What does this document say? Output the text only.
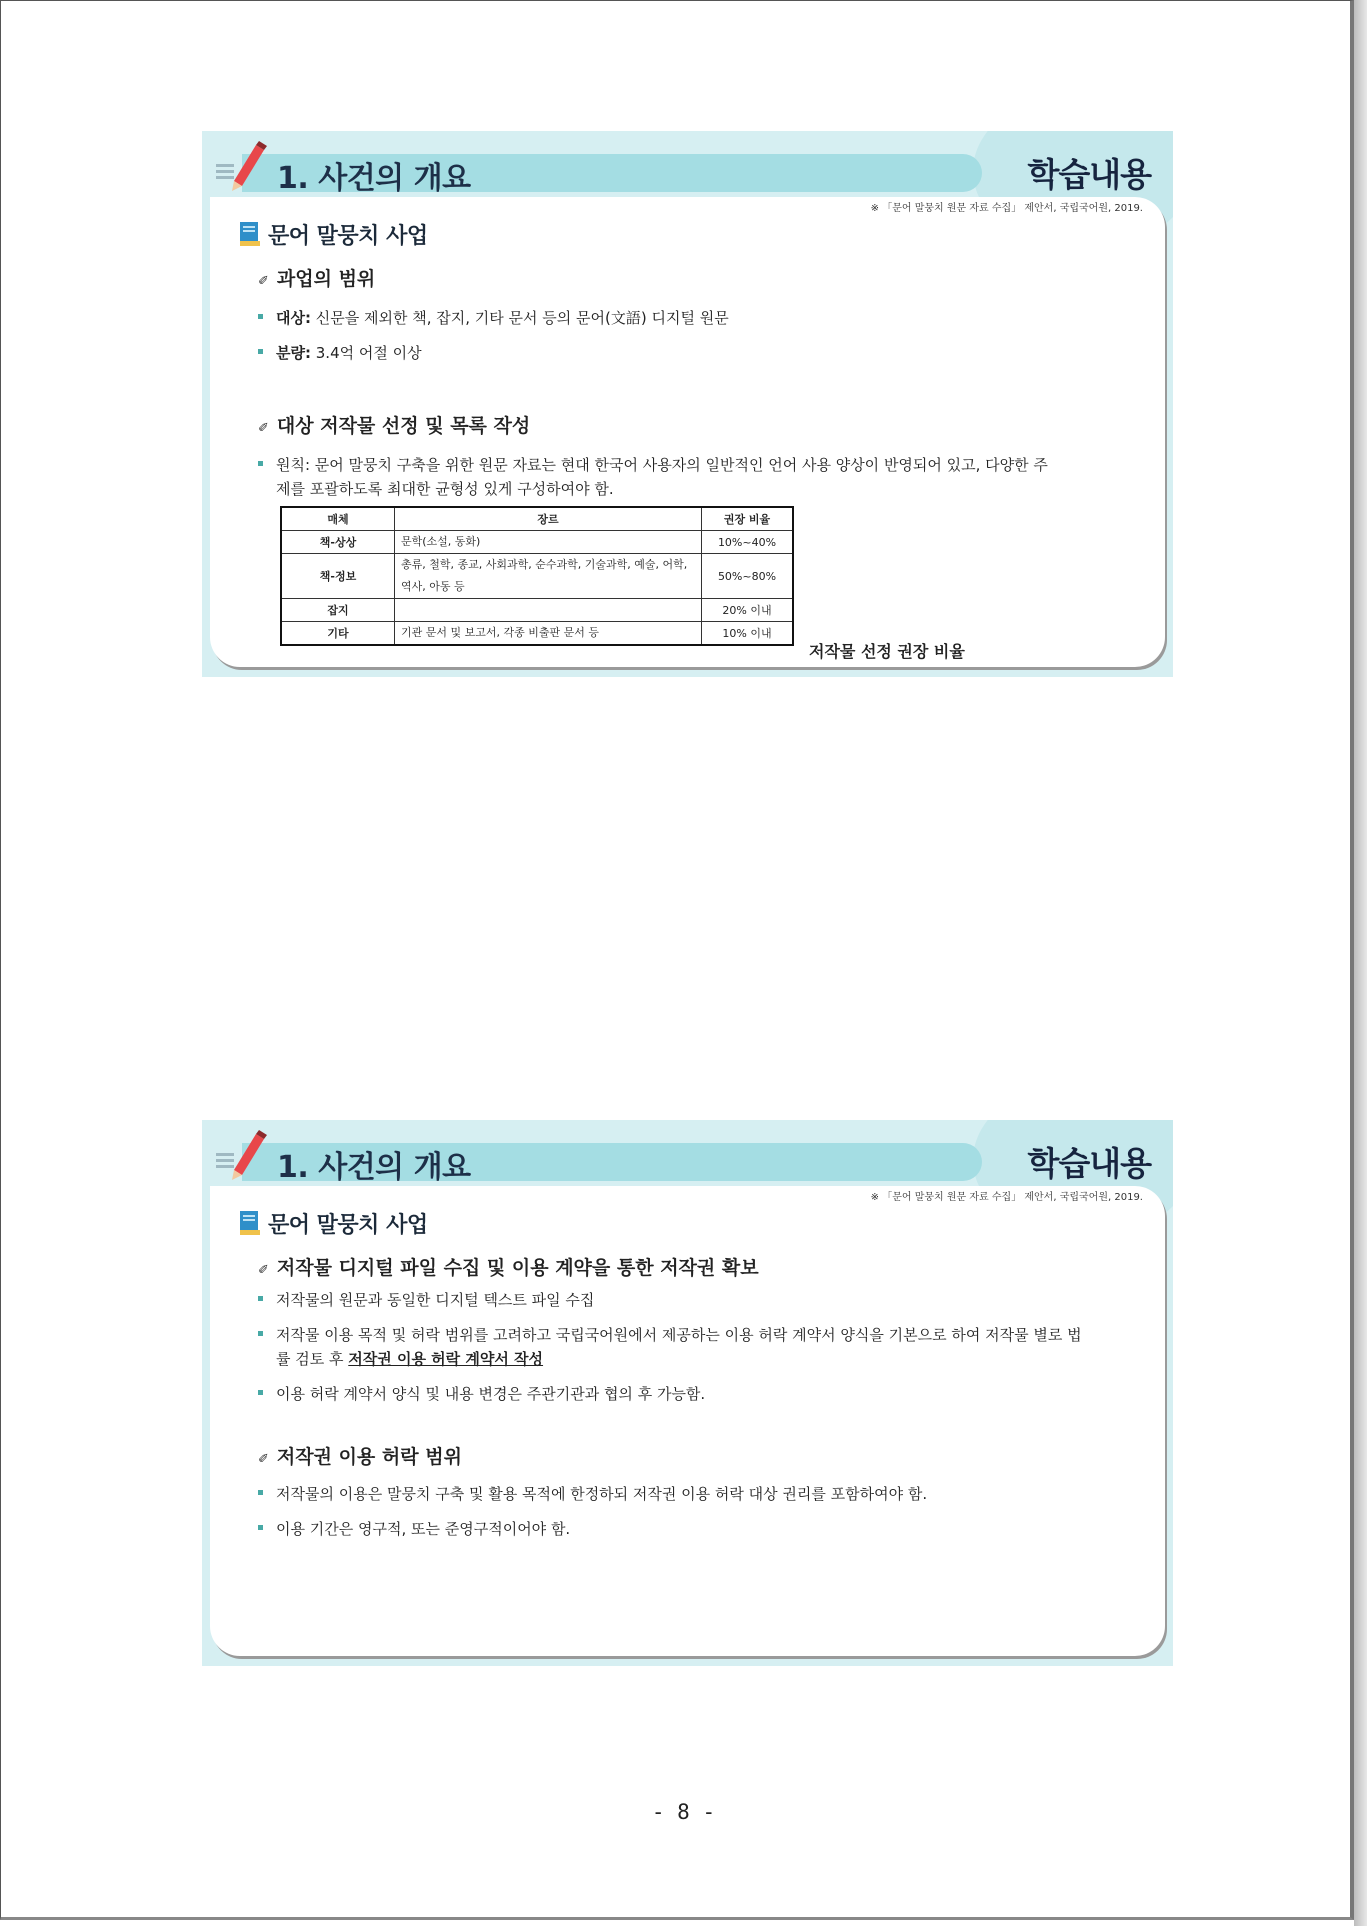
1. 사건의 개요	학습내용
※ 「문어 말뭉치 원문 자료 수집」 제안서, 국립국어원, 2019.
문어 말뭉치 사업
✐ 과업의 범위
대상: 신문을 제외한 책, 잡지, 기타 문서 등의 문어(文語) 디지털 원문
분량: 3.4억 어절 이상
✐ 대상 저작물 선정 및 목록 작성
원칙: 문어 말뭉치 구축을 위한 원문 자료는 현대 한국어 사용자의 일반적인 언어 사용 양상이 반영되어 있고, 다양한 주
제를 포괄하도록 최대한 균형성 있게 구성하여야 함.
매체	장르	권장 비율
책-상상	문학(소설, 동화)	10%~40%
책-정보	총류, 철학, 종교, 사회과학, 순수과학, 기술과학, 예술, 어학, 역사, 아동 등	50%~80%
잡지		20% 이내
기타	기관 문서 및 보고서, 각종 비출판 문서 등	10% 이내
저작물 선정 권장 비율
1. 사건의 개요	학습내용
※ 「문어 말뭉치 원문 자료 수집」 제안서, 국립국어원, 2019.
문어 말뭉치 사업
✐ 저작물 디지털 파일 수집 및 이용 계약을 통한 저작권 확보
저작물의 원문과 동일한 디지털 텍스트 파일 수집
저작물 이용 목적 및 허락 범위를 고려하고 국립국어원에서 제공하는 이용 허락 계약서 양식을 기본으로 하여 저작물 별로 법
률 검토 후 저작권 이용 허락 계약서 작성
이용 허락 계약서 양식 및 내용 변경은 주관기관과 협의 후 가능함.
✐ 저작권 이용 허락 범위
저작물의 이용은 말뭉치 구축 및 활용 목적에 한정하되 저작권 이용 허락 대상 권리를 포함하여야 함.
이용 기간은 영구적, 또는 준영구적이어야 함.
- 8 -
